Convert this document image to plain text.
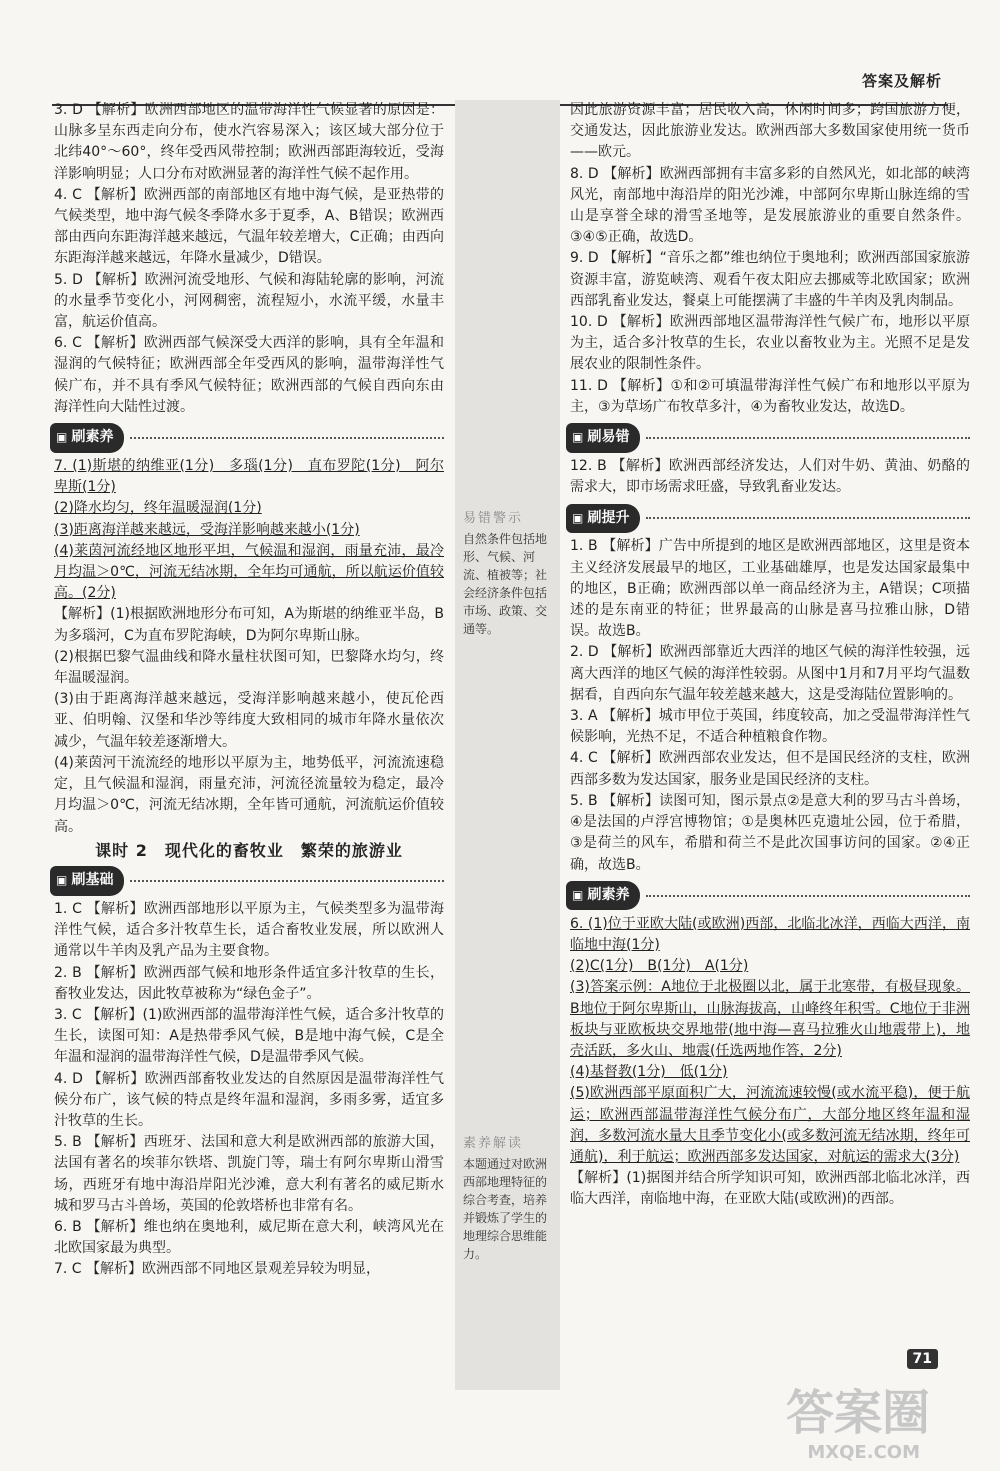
答案及解析
易错警示
自然条件包括地形、气候、河流、植被等；社会经济条件包括市场、政策、交通等。
素养解读
本题通过对欧洲西部地理特征的综合考查，培养并锻炼了学生的地理综合思维能力。

3. D 【解析】欧洲西部地区的温带海洋性气候显著的原因是：山脉多呈东西走向分布，使水汽容易深入；该区域大部分位于北纬40°～60°，终年受西风带控制；欧洲西部距海较近，受海洋影响明显；人口分布对欧洲显著的海洋性气候不起作用。

4. C 【解析】欧洲西部的南部地区有地中海气候，是亚热带的气候类型，地中海气候冬季降水多于夏季，A、B错误；欧洲西部由西向东距海洋越来越远，气温年较差增大，C正确；由西向东距海洋越来越远，年降水量减少，D错误。

5. D 【解析】欧洲河流受地形、气候和海陆轮廓的影响，河流的水量季节变化小，河网稠密，流程短小，水流平缓，水量丰富，航运价值高。

6. C 【解析】欧洲西部气候深受大西洋的影响，具有全年温和湿润的气候特征；欧洲西部全年受西风的影响，温带海洋性气候广布，并不具有季风气候特征；欧洲西部的气候自西向东由海洋性向大陆性过渡。

▣ 刷素养

7. (1)斯堪的纳维亚(1分)　多瑙(1分)　直布罗陀(1分)　阿尔卑斯(1分)

(2)降水均匀，终年温暖湿润(1分)

(3)距离海洋越来越远，受海洋影响越来越小(1分)

(4)莱茵河流经地区地形平坦，气候温和湿润，雨量充沛，最冷月均温＞0℃，河流无结冰期，全年均可通航，所以航运价值较高。(2分)

【解析】(1)根据欧洲地形分布可知，A为斯堪的纳维亚半岛，B为多瑙河，C为直布罗陀海峡，D为阿尔卑斯山脉。

(2)根据巴黎气温曲线和降水量柱状图可知，巴黎降水均匀，终年温暖湿润。

(3)由于距离海洋越来越远，受海洋影响越来越小，使瓦伦西亚、伯明翰、汉堡和华沙等纬度大致相同的城市年降水量依次减少，气温年较差逐渐增大。

(4)莱茵河干流流经的地形以平原为主，地势低平，河流流速稳定，且气候温和湿润，雨量充沛，河流径流量较为稳定，最冷月均温＞0℃，河流无结冰期，全年皆可通航，河流航运价值较高。

课时 2　现代化的畜牧业　繁荣的旅游业
▣ 刷基础

1. C 【解析】欧洲西部地形以平原为主，气候类型多为温带海洋性气候，适合多汁牧草生长，适合畜牧业发展，所以欧洲人通常以牛羊肉及乳产品为主要食物。

2. B 【解析】欧洲西部气候和地形条件适宜多汁牧草的生长，畜牧业发达，因此牧草被称为“绿色金子”。

3. C 【解析】(1)欧洲西部的温带海洋性气候，适合多汁牧草的生长，读图可知：A是热带季风气候，B是地中海气候，C是全年温和湿润的温带海洋性气候，D是温带季风气候。

4. D 【解析】欧洲西部畜牧业发达的自然原因是温带海洋性气候分布广，该气候的特点是终年温和湿润，多雨多雾，适宜多汁牧草的生长。

5. B 【解析】西班牙、法国和意大利是欧洲西部的旅游大国，法国有著名的埃菲尔铁塔、凯旋门等，瑞士有阿尔卑斯山滑雪场，西班牙有地中海沿岸阳光沙滩，意大利有著名的威尼斯水城和罗马古斗兽场，英国的伦敦塔桥也非常有名。

6. B 【解析】维也纳在奥地利，威尼斯在意大利，峡湾风光在北欧国家最为典型。

7. C 【解析】欧洲西部不同地区景观差异较为明显，

因此旅游资源丰富；居民收入高，休闲时间多；跨国旅游方便，交通发达，因此旅游业发达。欧洲西部大多数国家使用统一货币——欧元。

8. D 【解析】欧洲西部拥有丰富多彩的自然风光，如北部的峡湾风光，南部地中海沿岸的阳光沙滩，中部阿尔卑斯山脉连绵的雪山是享誉全球的滑雪圣地等，是发展旅游业的重要自然条件。③④⑤正确，故选D。

9. D 【解析】“音乐之都”维也纳位于奥地利；欧洲西部国家旅游资源丰富，游览峡湾、观看午夜太阳应去挪威等北欧国家；欧洲西部乳畜业发达，餐桌上可能摆满了丰盛的牛羊肉及乳肉制品。

10. D 【解析】欧洲西部地区温带海洋性气候广布，地形以平原为主，适合多汁牧草的生长，农业以畜牧业为主。光照不足是发展农业的限制性条件。

11. D 【解析】①和②可填温带海洋性气候广布和地形以平原为主，③为草场广布牧草多汁，④为畜牧业发达，故选D。

▣ 刷易错

12. B 【解析】欧洲西部经济发达，人们对牛奶、黄油、奶酪的需求大，即市场需求旺盛，导致乳畜业发达。

▣ 刷提升

1. B 【解析】广告中所提到的地区是欧洲西部地区，这里是资本主义经济发展最早的地区，工业基础雄厚，也是发达国家最集中的地区，B正确；欧洲西部以单一商品经济为主，A错误；C项描述的是东南亚的特征；世界最高的山脉是喜马拉雅山脉，D错误。故选B。

2. D 【解析】欧洲西部靠近大西洋的地区气候的海洋性较强，远离大西洋的地区气候的海洋性较弱。从图中1月和7月平均气温数据看，自西向东气温年较差越来越大，这是受海陆位置影响的。

3. A 【解析】城市甲位于英国，纬度较高，加之受温带海洋性气候影响，光热不足，不适合种植粮食作物。

4. C 【解析】欧洲西部农业发达，但不是国民经济的支柱，欧洲西部多数为发达国家，服务业是国民经济的支柱。

5. B 【解析】读图可知，图示景点②是意大利的罗马古斗兽场，④是法国的卢浮宫博物馆；①是奥林匹克遗址公园，位于希腊，③是荷兰的风车，希腊和荷兰不是此次国事访问的国家。②④正确，故选B。

▣ 刷素养

6. (1)位于亚欧大陆(或欧洲)西部，北临北冰洋，西临大西洋，南临地中海(1分)

(2)C(1分)　B(1分)　A(1分)

(3)答案示例：A地位于北极圈以北，属于北寒带，有极昼现象。B地位于阿尔卑斯山，山脉海拔高，山峰终年积雪。C地位于非洲板块与亚欧板块交界地带(地中海—喜马拉雅火山地震带上)，地壳活跃，多火山、地震(任选两地作答，2分)

(4)基督教(1分)　低(1分)

(5)欧洲西部平原面积广大，河流流速较慢(或水流平稳)，便于航运；欧洲西部温带海洋性气候分布广，大部分地区终年温和湿润，多数河流水量大且季节变化小(或多数河流无结冰期，终年可通航)，利于航运；欧洲西部多发达国家，对航运的需求大(3分)

【解析】(1)据图并结合所学知识可知，欧洲西部北临北冰洋，西临大西洋，南临地中海，在亚欧大陆(或欧洲)的西部。

71
答案圈
MXQE.COM
